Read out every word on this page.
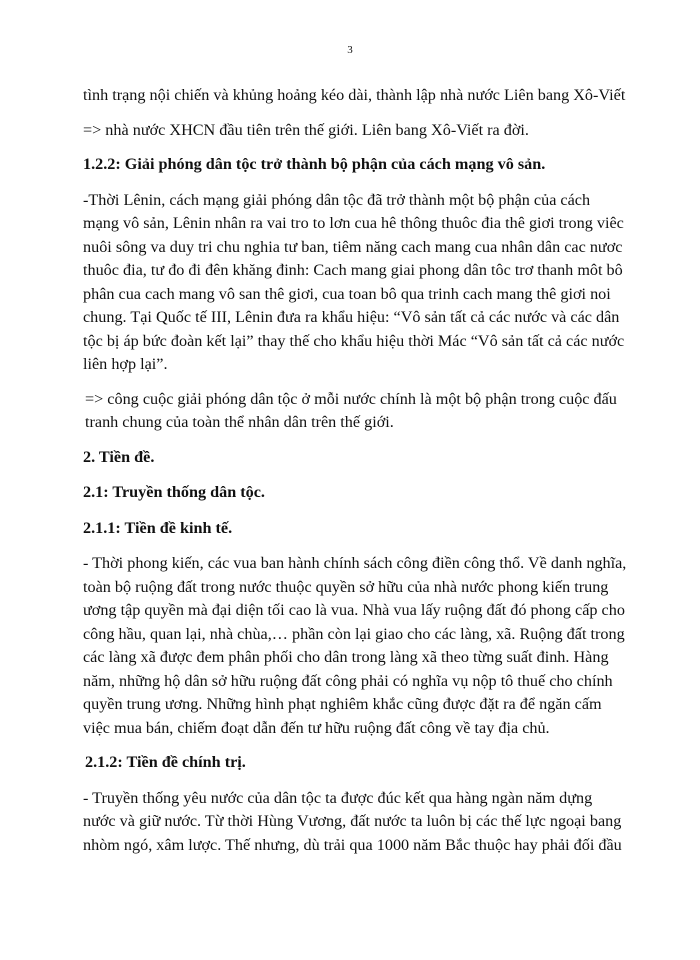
3

tình trạng nội chiến và khủng hoảng kéo dài, thành lập nhà nước Liên bang Xô-Viết

=> nhà nước XHCN đầu tiên trên thế giới. Liên bang Xô-Viết ra đời.

1.2.2: Giải phóng dân tộc trở thành bộ phận của cách mạng vô sản.

-Thời Lênin, cách mạng giải phóng dân tộc đã trở thành một bộ phận của cách mạng vô sản, Lênin nhân ra vai tro to lơn cua hê thông thuôc đia thê giơi trong viêc nuôi sông va duy tri chu nghia tư ban, tiêm năng cach mang cua nhân dân cac nươc thuôc đia, tư đo đi đên khăng đinh: Cach mang giai phong dân tôc trơ thanh môt bô phân cua cach mang vô san thê giơi, cua toan bô qua trinh cach mang thê giơi noi chung. Tại Quốc tế III, Lênin đưa ra khẩu hiệu: “Vô sản tất cả các nước và các dân tộc bị áp bức đoàn kết lại” thay thế cho khẩu hiệu thời Mác “Vô sản tất cả các nước liên hợp lại”.

=> công cuộc giải phóng dân tộc ở mỗi nước chính là một bộ phận trong cuộc đấu tranh chung của toàn thể nhân dân trên thế giới.

2. Tiền đề.

2.1: Truyền thống dân tộc.

2.1.1: Tiền đề kinh tế.

- Thời phong kiến, các vua ban hành chính sách công điền công thổ. Về danh nghĩa, toàn bộ ruộng đất trong nước thuộc quyền sở hữu của nhà nước phong kiến trung ương tập quyền mà đại diện tối cao là vua. Nhà vua lấy ruộng đất đó phong cấp cho công hầu, quan lại, nhà chùa,… phần còn lại giao cho các làng, xã. Ruộng đất trong các làng xã được đem phân phối cho dân trong làng xã theo từng suất đinh. Hàng năm, những hộ dân sở hữu ruộng đất công phải có nghĩa vụ nộp tô thuế cho chính quyền trung ương. Những hình phạt nghiêm khắc cũng được đặt ra để ngăn cấm việc mua bán, chiếm đoạt dẫn đến tư hữu ruộng đất công về tay địa chủ.

2.1.2: Tiền đề chính trị.

- Truyền thống yêu nước của dân tộc ta được đúc kết qua hàng ngàn năm dựng nước và giữ nước. Từ thời Hùng Vương, đất nước ta luôn bị các thế lực ngoại bang nhòm ngó, xâm lược. Thế nhưng, dù trải qua 1000 năm Bắc thuộc hay phải đối đầu
